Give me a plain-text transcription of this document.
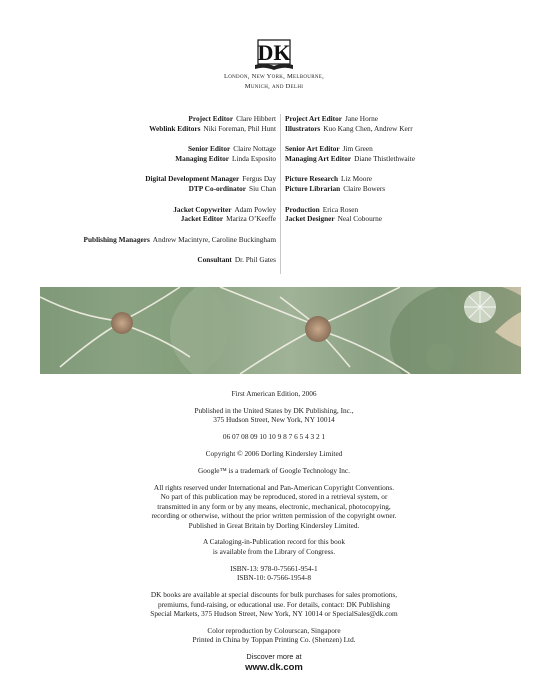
DK
London, New York, Melbourne,
Munich, and Delhi
Project Editor Clare Hibbert
Weblink Editors Niki Foreman, Phil Hunt
Senior Editor Claire Nottage
Managing Editor Linda Esposito
Digital Development Manager Fergus Day
DTP Co-ordinator Siu Chan
Jacket Copywriter Adam Powley
Jacket Editor Mariza O’Keeffe
Publishing Managers Andrew Macintyre, Caroline Buckingham
Consultant Dr. Phil Gates
Project Art Editor Jane Horne
Illustrators Kuo Kang Chen, Andrew Kerr
Senior Art Editor Jim Green
Managing Art Editor Diane Thistlethwaite
Picture Research Liz Moore
Picture Librarian Claire Bowers
Production Erica Rosen
Jacket Designer Neal Cobourne
First American Edition, 2006
Published in the United States by DK Publishing, Inc.,
375 Hudson Street, New York, NY 10014
06 07 08 09 10 10 9 8 7 6 5 4 3 2 1
Copyright © 2006 Dorling Kindersley Limited
Google™ is a trademark of Google Technology Inc.
All rights reserved under International and Pan-American Copyright Conventions.
No part of this publication may be reproduced, stored in a retrieval system, or
transmitted in any form or by any means, electronic, mechanical, photocopying,
recording or otherwise, without the prior written permission of the copyright owner.
Published in Great Britain by Dorling Kindersley Limited.
A Cataloging-in-Publication record for this book
is available from the Library of Congress.
ISBN-13: 978-0-75661-954-1
ISBN-10: 0-7566-1954-8
DK books are available at special discounts for bulk purchases for sales promotions,
premiums, fund-raising, or educational use. For details, contact: DK Publishing
Special Markets, 375 Hudson Street, New York, NY 10014 or SpecialSales@dk.com
Color reproduction by Colourscan, Singapore
Printed in China by Toppan Printing Co. (Shenzen) Ltd.
Discover more at
www.dk.com
